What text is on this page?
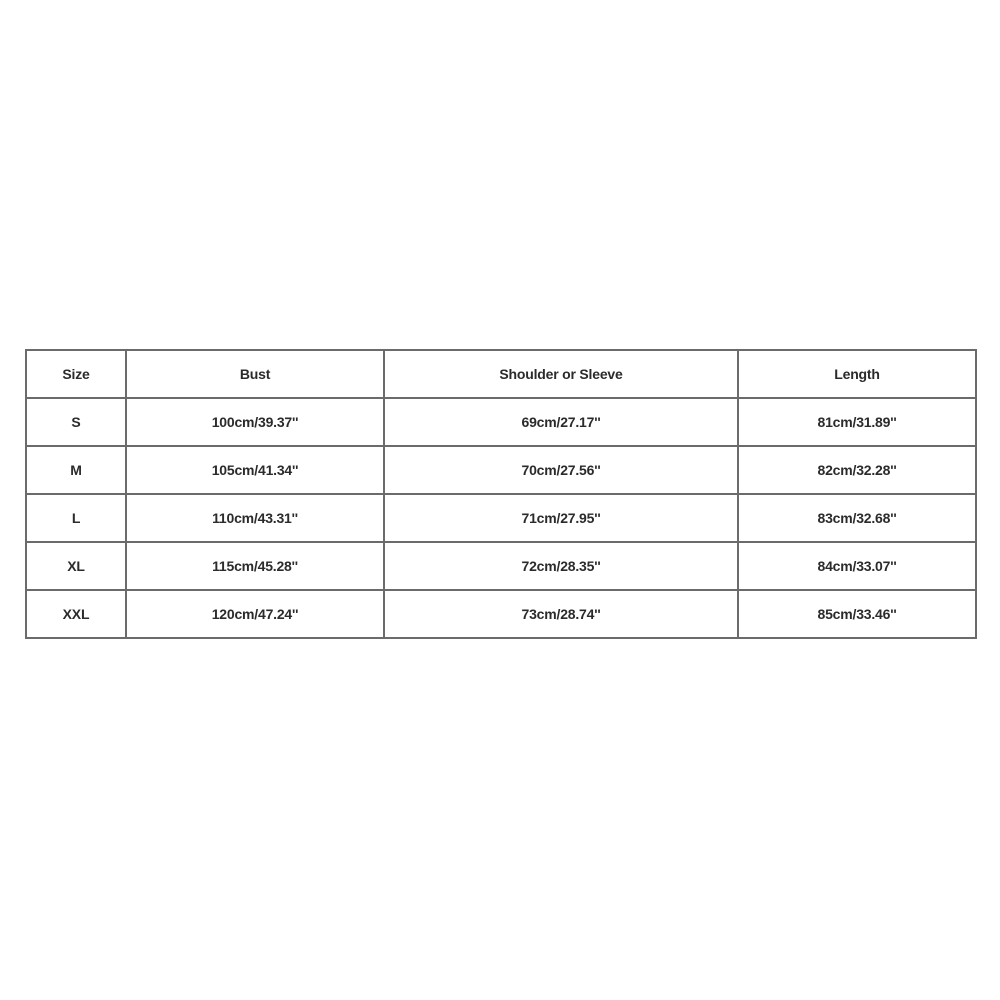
Size	Bust	Shoulder or Sleeve	Length
S	100cm/39.37''	69cm/27.17''	81cm/31.89''
M	105cm/41.34''	70cm/27.56''	82cm/32.28''
L	110cm/43.31''	71cm/27.95''	83cm/32.68''
XL	115cm/45.28''	72cm/28.35''	84cm/33.07''
XXL	120cm/47.24''	73cm/28.74''	85cm/33.46''
